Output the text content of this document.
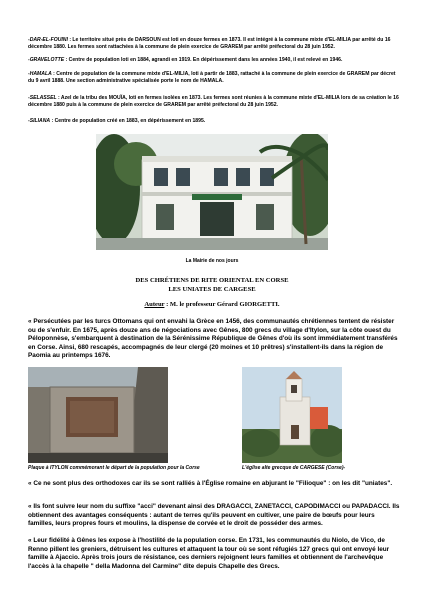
-DAR-EL-FOUINI : Le territoire situé près de DARSOUN est loti en douze fermes en 1873. Il est intégré à la commune mixte d'EL-MILIA par arrêté du 16 décembre 1880. Les fermes sont rattachées à la commune de plein exercice de GRAREM par arrêté préfectoral du 28 juin 1952.
-GRAVELOTTE : Centre de population loti en 1884, agrandi en 1919. En dépérissement dans les années 1940, il est relevé en 1946.
-HAMALA : Centre de population de la commune mixte d'EL-MILIA, loti à partir de 1883, rattaché à la commune de plein exercice de GRAREM par décret du 9 avril 1888. Une section administrative spécialisée porte le nom de HAMALA.
-SELASSEL : Azel de la tribu des MOUÏA, loti en fermes isolées en 1873. Les fermes sont réunies à la commune mixte d'EL-MILIA lors de sa création le 16 décembre 1880 puis à la commune de plein exercice de GRAREM par arrêté préfectoral du 28 juin 1952.
-SILIANA : Centre de population créé en 1883, en dépérissement en 1895.
La Mairie de nos jours
DES CHRÉTIENS DE RITE ORIENTAL EN CORSE
LES UNIATES DE CARGESE
Auteur : M. le professeur Gérard GIORGETTI.
« Persécutées par les turcs Ottomans qui ont envahi la Grèce en 1456, des communautés chrétiennes tentent de résister ou de s'enfuir. En 1675, après douze ans de négociations avec Gênes, 800 grecs du village d'Itylon, sur la côte ouest du Péloponnèse, s'embarquent à destination de la Sérénissime République de Gênes d'où ils sont immédiatement transférés en Corse. Ainsi, 680 rescapés, accompagnés de leur clergé (20 moines et 10 prêtres) s'installent-ils dans la région de Paomia au printemps 1676.
Plaque à ITYLON commémorant le départ de la population pour la Corse	L'église alte grecque de CARGESE (Corse)-
« Ce ne sont plus des orthodoxes car ils se sont ralliés à l'Église romaine en abjurant le "Filioque" : on les dit "uniates".
« Ils font suivre leur nom du suffixe "acci" devenant ainsi des DRAGACCI, ZANETACCI, CAPODIMACCI ou PAPADACCI. Ils obtiennent des avantages conséquents : autant de terres qu'ils peuvent en cultiver, une paire de bœufs pour leurs familles, leurs propres fours et moulins, la dispense de corvée et le droit de posséder des armes.
« Leur fidélité à Gênes les expose à l'hostilité de la population corse. En 1731, les communautés du Niolo, de Vico, de Renno pillent les greniers, détruisent les cultures et attaquent la tour où se sont réfugiés 127 grecs qui ont envoyé leur famille à Ajaccio. Après trois jours de résistance, ces derniers rejoignent leurs familles et obtiennent de l'archevêque l'accès à la chapelle " della Madonna del Carmine" dite depuis Chapelle des Grecs.
